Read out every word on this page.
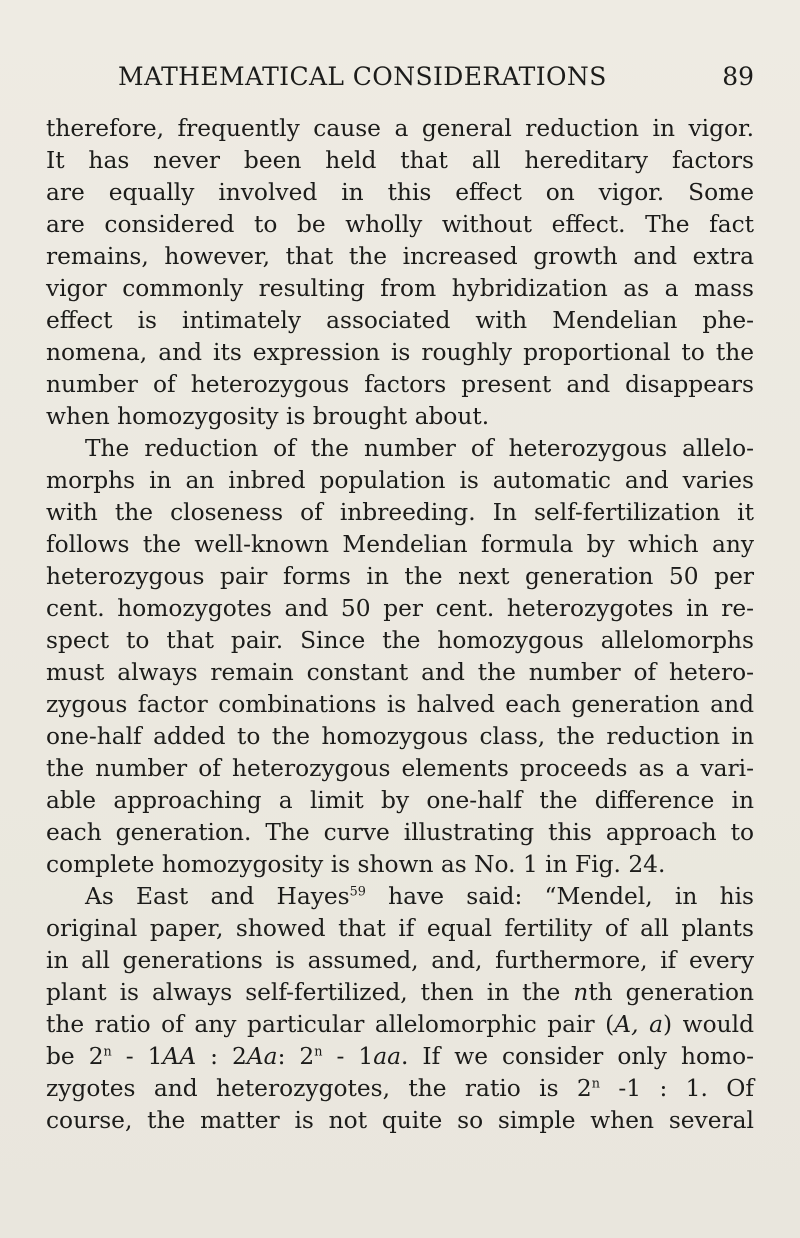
MATHEMATICAL CONSIDERATIONS	89
therefore, frequently cause a general reduction in vigor.
It has never been held that all hereditary factors
are equally involved in this effect on vigor. Some
are considered to be wholly without effect. The fact
remains, however, that the increased growth and extra
vigor commonly resulting from hybridization as a mass
effect is intimately associated with Mendelian phe-
nomena, and its expression is roughly proportional to the
number of heterozygous factors present and disappears
when homozygosity is brought about.
The reduction of the number of heterozygous allelo-
morphs in an inbred population is automatic and varies
with the closeness of inbreeding. In self-fertilization it
follows the well-known Mendelian formula by which any
heterozygous pair forms in the next generation 50 per
cent. homozygotes and 50 per cent. heterozygotes in re-
spect to that pair. Since the homozygous allelomorphs
must always remain constant and the number of hetero-
zygous factor combinations is halved each generation and
one-half added to the homozygous class, the reduction in
the number of heterozygous elements proceeds as a vari-
able approaching a limit by one-half the difference in
each generation. The curve illustrating this approach to
complete homozygosity is shown as No. 1 in Fig. 24.
As East and Hayes$^{59}$ have said: “Mendel, in his
original paper, showed that if equal fertility of all plants
in all generations is assumed, and, furthermore, if every
plant is always self-fertilized, then in the nth generation
the ratio of any particular allelomorphic pair (A, a) would
be 2$^n$ - 1AA : 2Aa: 2$^n$ - 1aa. If we consider only homo-
zygotes and heterozygotes, the ratio is 2$^n$ -1 : 1. Of
course, the matter is not quite so simple when several
